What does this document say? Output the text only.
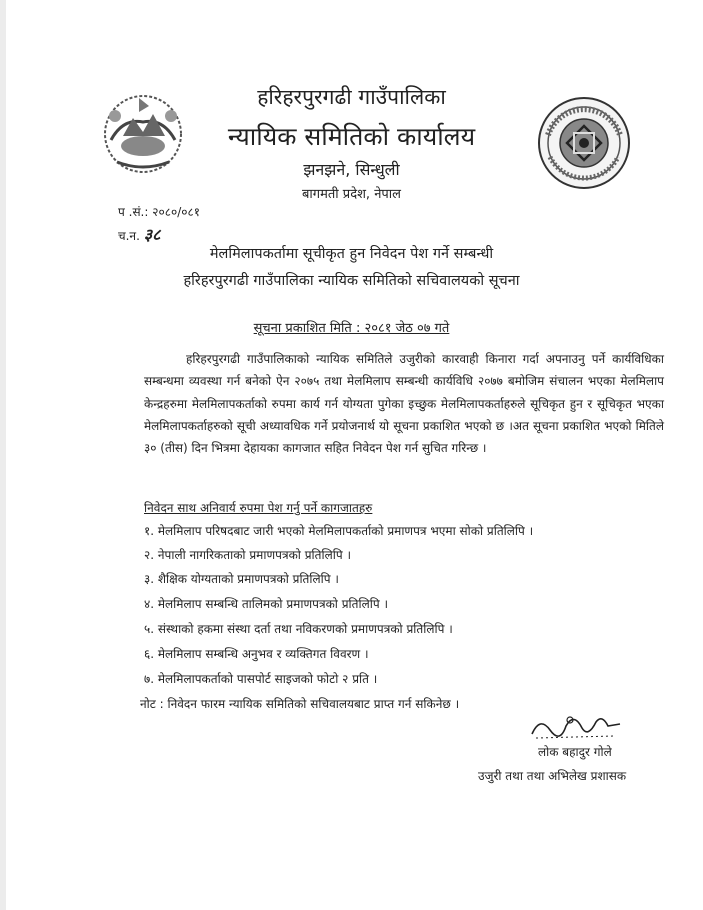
हरिहरपुरगढी गाउँपालिका
न्यायिक समितिको कार्यालय
झनझने, सिन्धुली
बागमती प्रदेश, नेपाल
प .सं.: २०८०/०८१
च.न. ३८
मेलमिलापकर्तामा सूचीकृत हुन निवेदन पेश गर्ने सम्बन्धी
हरिहरपुरगढी गाउँपालिका न्यायिक समितिको सचिवालयको सूचना
सूचना प्रकाशित मिति : २०८१ जेठ ०७ गते
हरिहरपुरगढी गाउँपालिकाको न्यायिक समितिले उजुरीको कारवाही किनारा गर्दा अपनाउनु पर्ने कार्यविधिका सम्बन्धमा व्यवस्था गर्न बनेको ऐन २०७५ तथा मेलमिलाप सम्बन्धी कार्यविधि २०७७ बमोजिम संचालन भएका मेलमिलाप केन्द्रहरुमा मेलमिलापकर्ताको रुपमा कार्य गर्न योग्यता पुगेका इच्छुक मेलमिलापकर्ताहरुले सूचिकृत हुन र सूचिकृत भएका मेलमिलापकर्ताहरुको सूची अध्यावधिक गर्ने प्रयोजनार्थ यो सूचना प्रकाशित भएको छ ।अत सूचना प्रकाशित भएको मितिले ३० (तीस) दिन भित्रमा देहायका कागजात सहित निवेदन पेश गर्न सुचित गरिन्छ ।
निवेदन साथ अनिवार्य रुपमा पेश गर्नु पर्ने कागजातहरु
१. मेलमिलाप परिषदबाट जारी भएको मेलमिलापकर्ताको प्रमाणपत्र भएमा सोको प्रतिलिपि ।
२. नेपाली नागरिकताको प्रमाणपत्रको प्रतिलिपि ।
३. शैक्षिक योग्यताको प्रमाणपत्रको प्रतिलिपि ।
४. मेलमिलाप सम्बन्धि तालिमको प्रमाणपत्रको प्रतिलिपि ।
५. संस्थाको हकमा संस्था दर्ता तथा नविकरणको प्रमाणपत्रको प्रतिलिपि ।
६. मेलमिलाप सम्बन्धि अनुभव र व्यक्तिगत विवरण ।
७. मेलमिलापकर्ताको पासपोर्ट साइजको फोटो २ प्रति ।
नोट : निवेदन फारम न्यायिक समितिको सचिवालयबाट प्राप्त गर्न सकिनेछ ।
लोक बहादुर गोले
उजुरी तथा तथा अभिलेख प्रशासक
